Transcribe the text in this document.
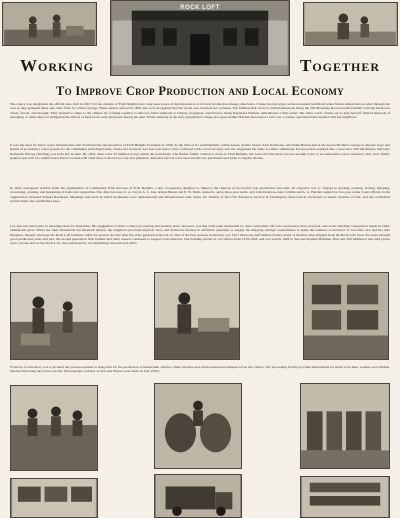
ROCK LOFT
Working	Together
To Improve Crop Production and Local Economy
The cherry was designated the official state fruit in 1997, but the citizens of Fruit Heights have long been aware of the importance of its local production among other fruits. Choke cherries grew on the mountain benchland when Native Americans traveled through the area as they gathered these and other fruits for winter storage. When settlers arrived in 1850 and soon recognized that the locale was excellent for orchards. The families that chose to build homesteads along the Old Mountain Road became familiar with the harsh east winds, floods, and drought. They learned to adapt to the climate by working together to discover better methods to irrigate, propagate, and harvest. Susan Raymond Webster remembered a time when "the entire ward" turned out to help harvest. Shared methods of smudging or other ideas for mitigating the effects of hard frosts were discussed among the men. While studying at the state agricultural college in Logan, Arthur Hatcher discovered a new way to prune, and shared this method with his neighbors.
It was the need for better water infrastructure that motivated the incorporation of Fruit Heights Township in 1939. At the time of its establishment, Glenn Green, Archie Green, Sam Raymond, and Alden Barton met at the Green Brother's Garage to discuss ways and means of providing a water system for the community including homes, farms and orchards. Lee Just was said to have conferred with a local attorney and also suggested the name for their community. Incorporation required that a town have 100 inhabitants, and baby Katherine Harvey (Stirling) was born just in time. By 1954, there were 35 families living within the boundaries. The Barker family wanted to move to Fruit Heights, but were told that there was not enough water to accommodate a new residence; they were finally granted approval on condition that Forest worked with other men of the town to lay new pipelines. Personal tractors were used and the city purchased new picks to dig the ditches.
In 1941, newspaper articles detail the organization of Community Fruit Growers of Fruit Heights, a new cooperative designed to improve the chances of successful crop production and sales. Its objective was to "engage in grading, packing, storing, shipping, processing, canning, and marketing of fruits and vegetables. The directors were C. A. Lloyd, A. L. Just, Alden Barton and E. W. Pettit, named to serve three-year terms, and John Peterson, Alex Criddle and A. G. Hatcher named for two-year terms. Later officers in the organization included Samuel Raymond. Meetings were held in which techniques were demonstrated and informational talks given. Dr. Wadley of the USU Extension Service in Farmington shared newly developed or tested varieties of fruit, and the orchardists grafted them onto established trees.
Lee Just was innovative in adopting ideas for marketing. His suggestion to build a cherry processing and packing plant, however, was met with some skepticism by other orchardists. He was a persuasive man, however, and as the building construction began in 1944, enthusiasm grew. While the Justs shouldered the financial burden, the neighbors provided physical labor and delivered cherries in sufficient quantities to supply the shipping tonnage requirements to make the business economical. It was Dale Just and his wife Margaret, though, who kept the Rock Loft business viable for several decades after the older generation moved on. One of the best seasons in memory was 1951 when one-half million dollars worth of cherries were shipped from the Rock Loft. Over the years through good production years and bad, the second generation fruit farmers and plant owners continued to support local interests. The building served as city offices from 1978-1993, and was sold in 1993 to Sue and Stephen Hartman. Bart and Tim Matthews who had grown up in a house next to the Rock Loft, later purchased it, accomplishing renovation in 2010.
From top to bottom by row is pictured the process required to bring fruit for the production of maraschino cherries. Other cherries were fresh packed and shipped across the country. The processing facility provided employment for many local men, women, and children, thereby improving the local economy. (Photographs courtesy of Ann Just Horton were taken in July 1950.)
